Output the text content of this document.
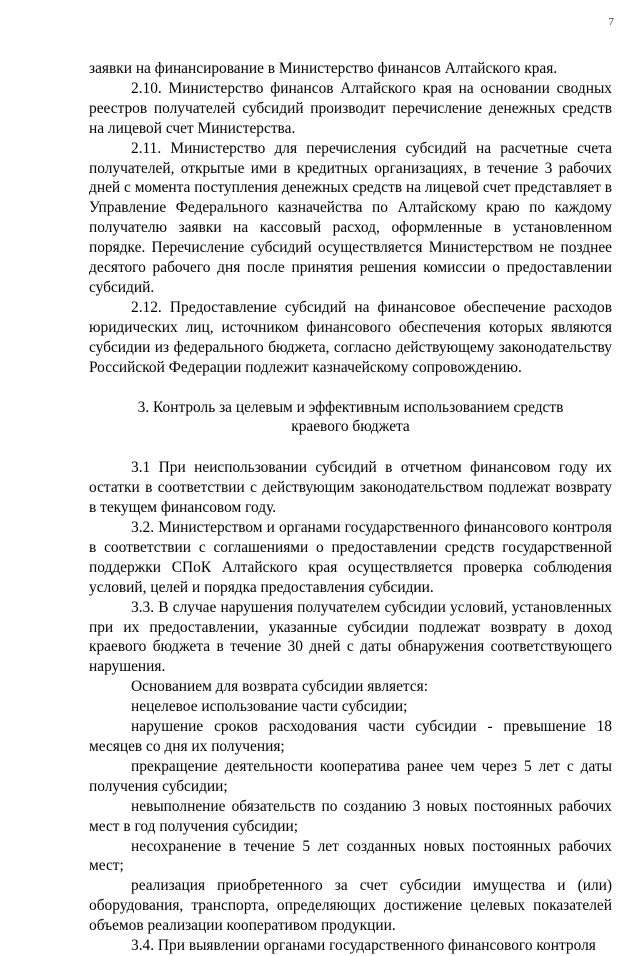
7

заявки на финансирование в Министерство финансов Алтайского края.

2.10. Министерство финансов Алтайского края на основании сводных реестров получателей субсидий производит перечисление денежных средств на лицевой счет Министерства.

2.11. Министерство для перечисления субсидий на расчетные счета получателей, открытые ими в кредитных организациях, в течение 3 рабочих дней с момента поступления денежных средств на лицевой счет представляет в Управление Федерального казначейства по Алтайскому краю по каждому получателю заявки на кассовый расход, оформленные в установленном порядке. Перечисление субсидий осуществляется Министерством не позднее десятого рабочего дня после принятия решения комиссии о предоставлении субсидий.

2.12. Предоставление субсидий на финансовое обеспечение расходов юридических лиц, источником финансового обеспечения которых являются субсидии из федерального бюджета, согласно действующему законодательству Российской Федерации подлежит казначейскому сопровождению.

3. Контроль за целевым и эффективным использованием средств
краевого бюджета

3.1 При неиспользовании субсидий в отчетном финансовом году их остатки в соответствии с действующим законодательством подлежат возврату в текущем финансовом году.

3.2. Министерством и органами государственного финансового контроля в соответствии с соглашениями о предоставлении средств государственной поддержки СПоК Алтайского края осуществляется проверка соблюдения условий, целей и порядка предоставления субсидии.

3.3. В случае нарушения получателем субсидии условий, установленных при их предоставлении, указанные субсидии подлежат возврату в доход краевого бюджета в течение 30 дней с даты обнаружения соответствующего нарушения.

Основанием для возврата субсидии является:

нецелевое использование части субсидии;

нарушение сроков расходования части субсидии - превышение 18 месяцев со дня их получения;

прекращение деятельности кооператива ранее чем через 5 лет с даты получения субсидии;

невыполнение обязательств по созданию 3 новых постоянных рабочих мест в год получения субсидии;

несохранение в течение 5 лет созданных новых постоянных рабочих мест;

реализация приобретенного за счет субсидии имущества и (или) оборудования, транспорта, определяющих достижение целевых показателей объемов реализации кооперативом продукции.

3.4. При выявлении органами государственного финансового контроля
